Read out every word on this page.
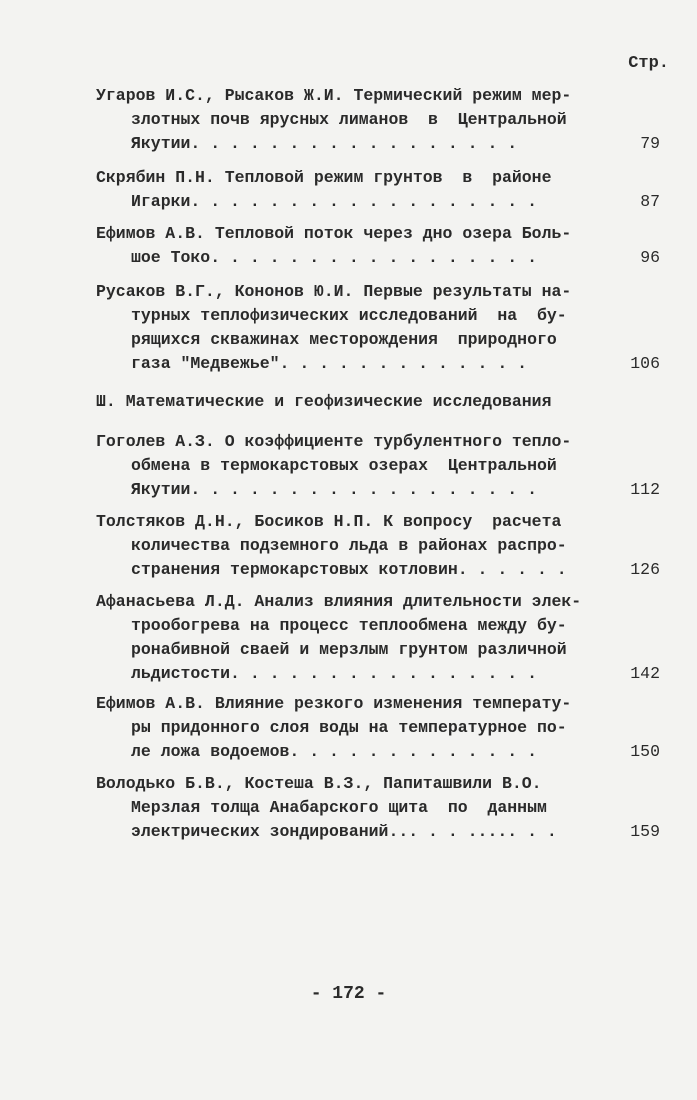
Стр.
Угаров И.С., Рысаков Ж.И. Термический режим мер-
злотных почв ярусных лиманов  в  Центральной
Якутии. . . . . . . . . . . . . . . . .	79
Скрябин П.Н. Тепловой режим грунтов  в  районе
Игарки. . . . . . . . . . . . . . . . . .	87
Ефимов А.В. Тепловой поток через дно озера Боль-
шое Токо. . . . . . . . . . . . . . . . .	96
Русаков В.Г., Кононов Ю.И. Первые результаты на-
турных теплофизических исследований  на  бу-
рящихся скважинах месторождения  природного
газа "Медвежье". . . . . . . . . . . . .	106
Ш. Математические и геофизические исследования
Гоголев А.З. О коэффициенте турбулентного тепло-
обмена в термокарстовых озерах  Центральной
Якутии. . . . . . . . . . . . . . . . . .	112
Толстяков Д.Н., Босиков Н.П. К вопросу  расчета
количества подземного льда в районах распро-
странения термокарстовых котловин. . . . . .	126
Афанасьева Л.Д. Анализ влияния длительности элек-
трообогрева на процесс теплообмена между бу-
ронабивной сваей и мерзлым грунтом различной
льдистости. . . . . . . . . . . . . . . .	142
Ефимов А.В. Влияние резкого изменения температу-
ры придонного слоя воды на температурное по-
ле ложа водоемов. . . . . . . . . . . . .	150
Володько Б.В., Костеша В.З., Папиташвили В.О.
Мерзлая толща Анабарского щита  по  данным
электрических зондирований... . . ..... . .	159
- 172 -
